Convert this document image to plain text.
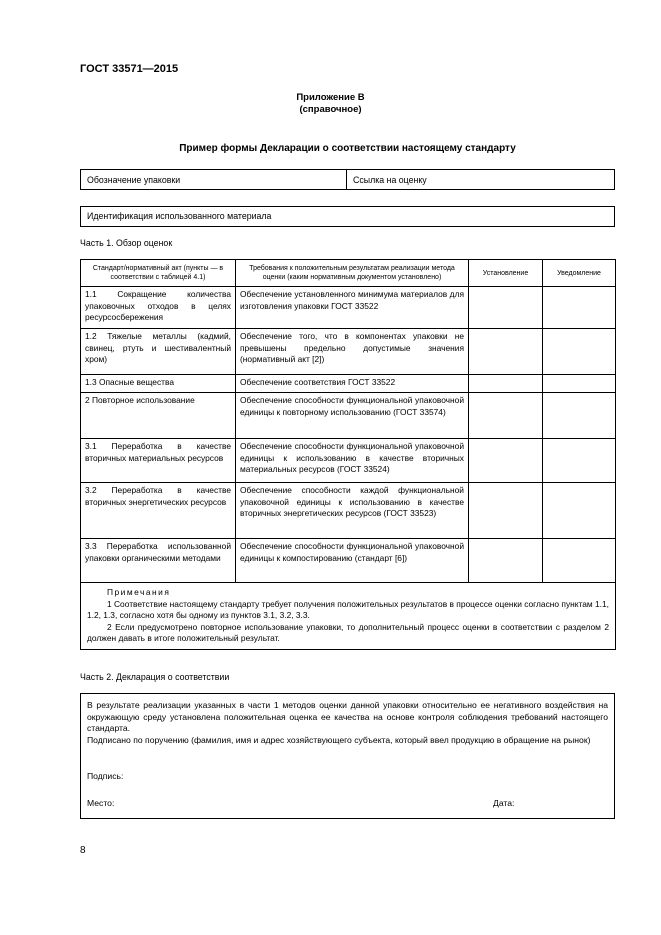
ГОСТ 33571—2015
Приложение В
(справочное)
Пример формы Декларации о соответствии настоящему стандарту
Обозначение упаковки	Ссылка на оценку
Идентификация использованного материала
Часть 1. Обзор оценок
Стандарт/нормативный акт (пункты — в соответствии с таблицей 4.1)	Требования к положительным результатам реализации метода оценки (каким нормативным документом установлено)	Установление	Уведомление
1.1 Сокращение количества упаковочных отходов в целях ресурсосбережения	Обеспечение установленного минимума материалов для изготовления упаковки ГОСТ 33522		
1.2 Тяжелые металлы (кадмий, свинец, ртуть и шестивалентный хром)	Обеспечение того, что в компонентах упаковки не превышены предельно допустимые значения (нормативный акт [2])		
1.3 Опасные вещества	Обеспечение соответствия ГОСТ 33522		
2 Повторное использование	Обеспечение способности функциональной упаковочной единицы к повторному использованию (ГОСТ 33574)		
3.1 Переработка в качестве вторичных материальных ресурсов	Обеспечение способности функциональной упаковочной единицы к использованию в качестве вторичных материальных ресурсов (ГОСТ 33524)		
3.2 Переработка в качестве вторичных энергетических ресурсов	Обеспечение способности каждой функциональной упаковочной единицы к использованию в качестве вторичных энергетических ресурсов (ГОСТ 33523)		
3.3 Переработка использованной упаковки органическими методами	Обеспечение способности функциональной упаковочной единицы к компостированию (стандарт [6])		

Примечания
1 Соответствие настоящему стандарту требует получения положительных результатов в процессе оценки согласно пунктам 1.1, 1.2, 1.3, согласно хотя бы одному из пунктов 3.1, 3.2, 3.3.
2 Если предусмотрено повторное использование упаковки, то дополнительный процесс оценки в соответствии с разделом 2 должен давать в итоге положительный результат.			
Часть 2. Декларация о соответствии

В результате реализации указанных в части 1 методов оценки данной упаковки относительно ее негативного воздействия на окружающую среду установлена положительная оценка ее качества на основе контроля соблюдения требований настоящего стандарта.

Подписано по поручению (фамилия, имя и адрес хозяйствующего субъекта, который ввел продукцию в обращение на рынок)

Подпись:
Место:	Дата:
8
